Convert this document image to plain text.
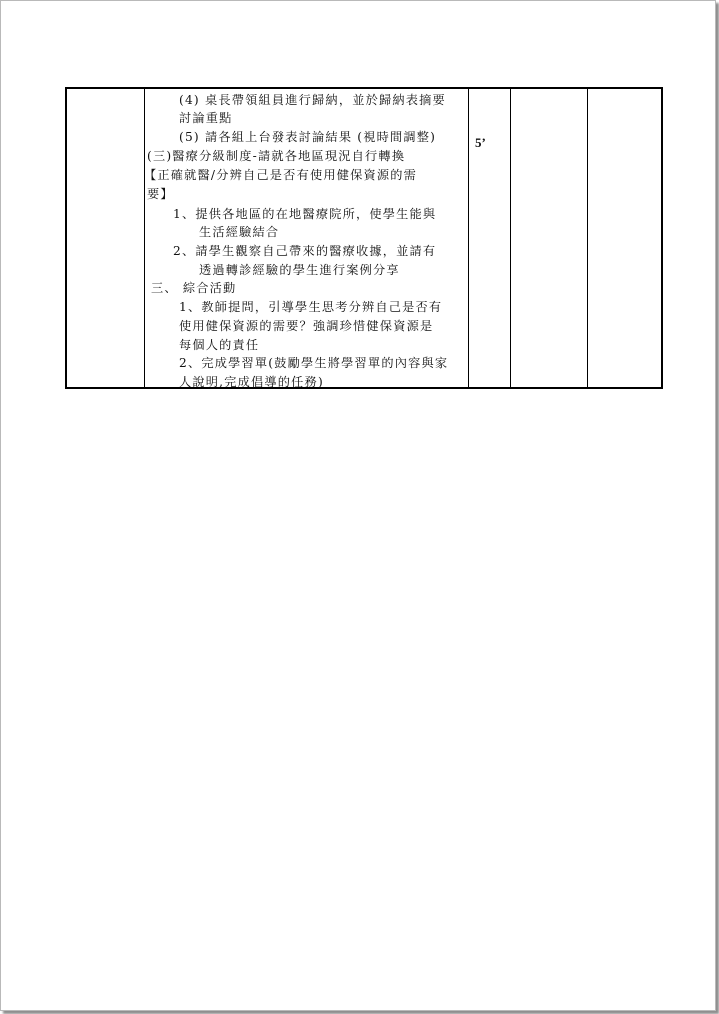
(4) 桌長帶領組員進行歸納，並於歸納表摘要
討論重點
(5) 請各組上台發表討論結果 (視時間調整)
(三)醫療分級制度-請就各地區現況自行轉換
【正確就醫/分辨自己是否有使用健保資源的需
要】
1、提供各地區的在地醫療院所，使學生能與
生活經驗結合
2、請學生觀察自己帶來的醫療收據，並請有
透過轉診經驗的學生進行案例分享
三、 綜合活動
1、教師提問，引導學生思考分辨自己是否有
使用健保資源的需要？強調珍惜健保資源是
每個人的責任
2、完成學習單(鼓勵學生將學習單的內容與家
人說明,完成倡導的任務)
5’
